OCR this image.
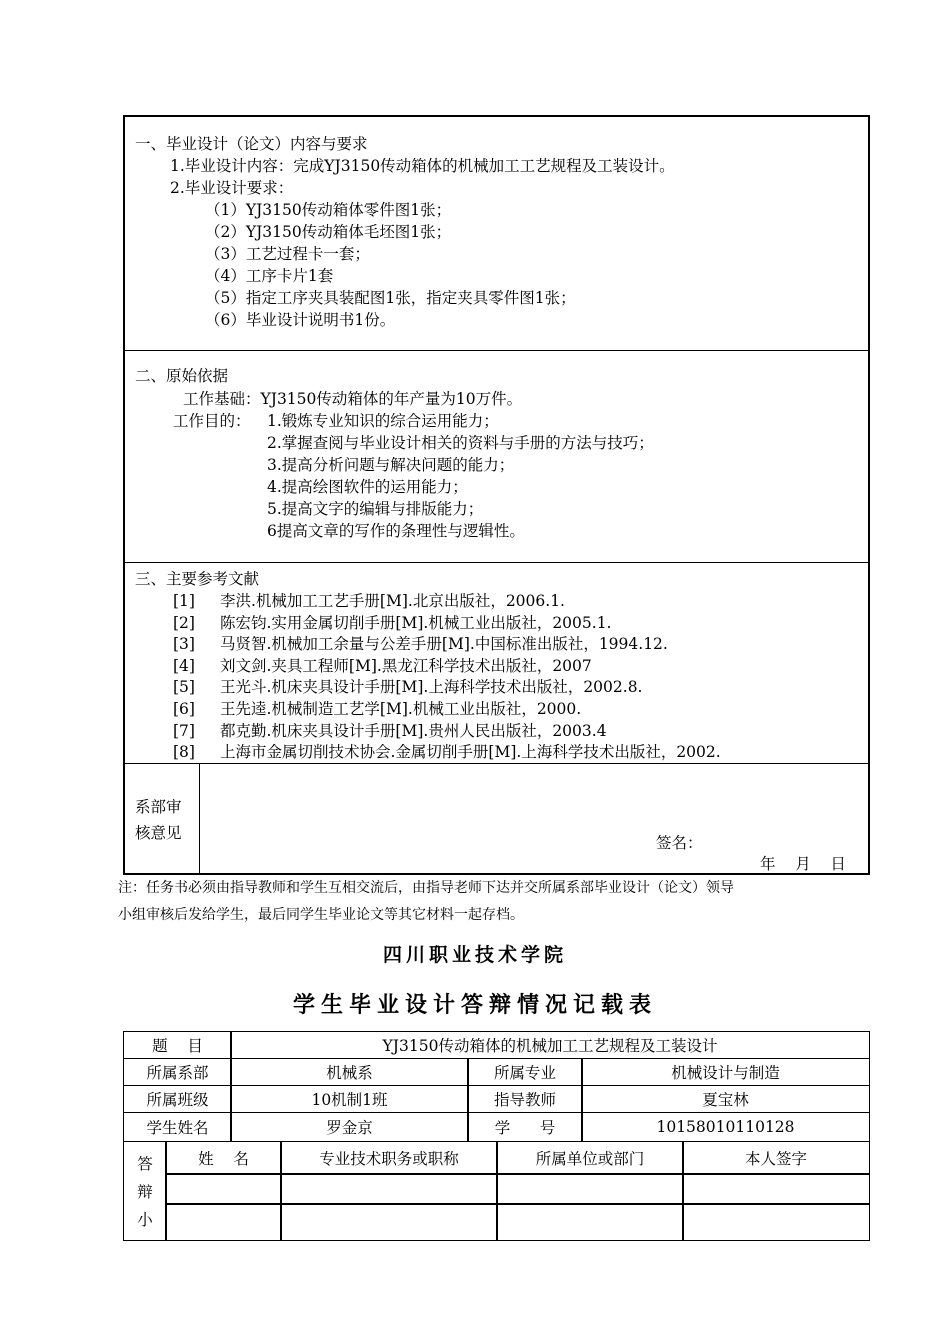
一、毕业设计（论文）内容与要求
1.毕业设计内容：完成YJ3150传动箱体的机械加工工艺规程及工装设计。
2.毕业设计要求：
（1）YJ3150传动箱体零件图1张；
（2）YJ3150传动箱体毛坯图1张；
（3）工艺过程卡一套；
（4）工序卡片1套
（5）指定工序夹具装配图1张，指定夹具零件图1张；
（6）毕业设计说明书1份。
二、原始依据
工作基础：YJ3150传动箱体的年产量为10万件。
工作目的： 1.锻炼专业知识的综合运用能力；
2.掌握查阅与毕业设计相关的资料与手册的方法与技巧；
3.提高分析问题与解决问题的能力；
4.提高绘图软件的运用能力；
5.提高文字的编辑与排版能力；
6提高文章的写作的条理性与逻辑性。
三、主要参考文献
[1] 李洪.机械加工工艺手册[M].北京出版社，2006.1.
[2] 陈宏钧.实用金属切削手册[M].机械工业出版社，2005.1.
[3] 马贤智.机械加工余量与公差手册[M].中国标准出版社，1994.12.
[4] 刘文剑.夹具工程师[M].黑龙江科学技术出版社，2007
[5] 王光斗.机床夹具设计手册[M].上海科学技术出版社，2002.8.
[6] 王先逵.机械制造工艺学[M].机械工业出版社，2000.
[7] 都克勤.机床夹具设计手册[M].贵州人民出版社，2003.4
[8] 上海市金属切削技术协会.金属切削手册[M].上海科学技术出版社，2002.
系部审
核意见
签名：
年    月    日
注：任务书必须由指导教师和学生互相交流后，由指导老师下达并交所属系部毕业设计（论文）领导
小组审核后发给学生，最后同学生毕业论文等其它材料一起存档。
四川职业技术学院
学生毕业设计答辩情况记载表
题    目	YJ3150传动箱体的机械加工工艺规程及工装设计
所属系部	机械系	所属专业	机械设计与制造
所属班级	10机制1班	指导教师	夏宝林
学生姓名	罗金京	学      号	10158010110128
答
辩
小
姓    名	专业技术职务或职称	所属单位或部门	本人签字
